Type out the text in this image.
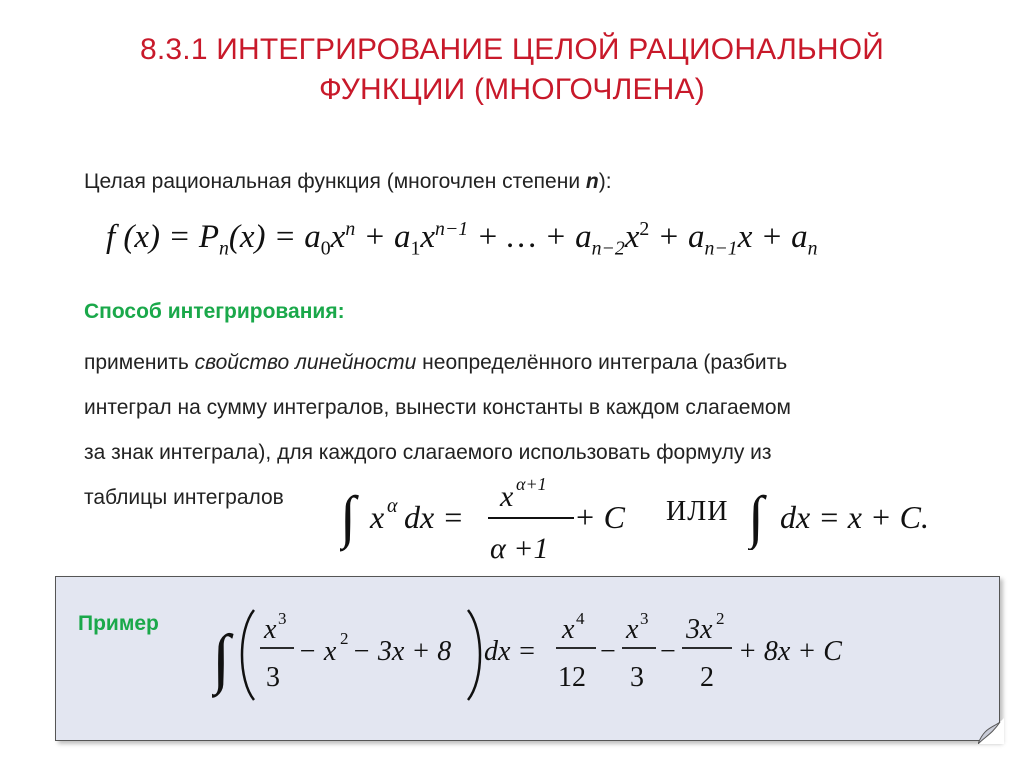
8.3.1 ИНТЕГРИРОВАНИЕ ЦЕЛОЙ РАЦИОНАЛЬНОЙ
ФУНКЦИИ (МНОГОЧЛЕНА)
Целая рациональная функция (многочлен степени n):
f $(x) = P_n(x) = a_0x^n + a_1x^{n-1}$ + … + $a_{n-2}x^2 + a_{n-1}x + a_n$
Способ интегрирования:
применить свойство линейности неопределённого интеграла (разбить
интеграл на сумму интегралов, вынести константы в каждом слагаемом
за знак интеграла), для каждого слагаемого использовать формулу из
таблицы интегралов ∫ x α dx =
x α+1
α +1
+ C ИЛИ ∫ dx = x + C.
Пример ∫ x 3
3
− x 2 − 3x + 8 dx =
x 4
12
−
x 3
3
−
3x 2
2
+ 8x + C
